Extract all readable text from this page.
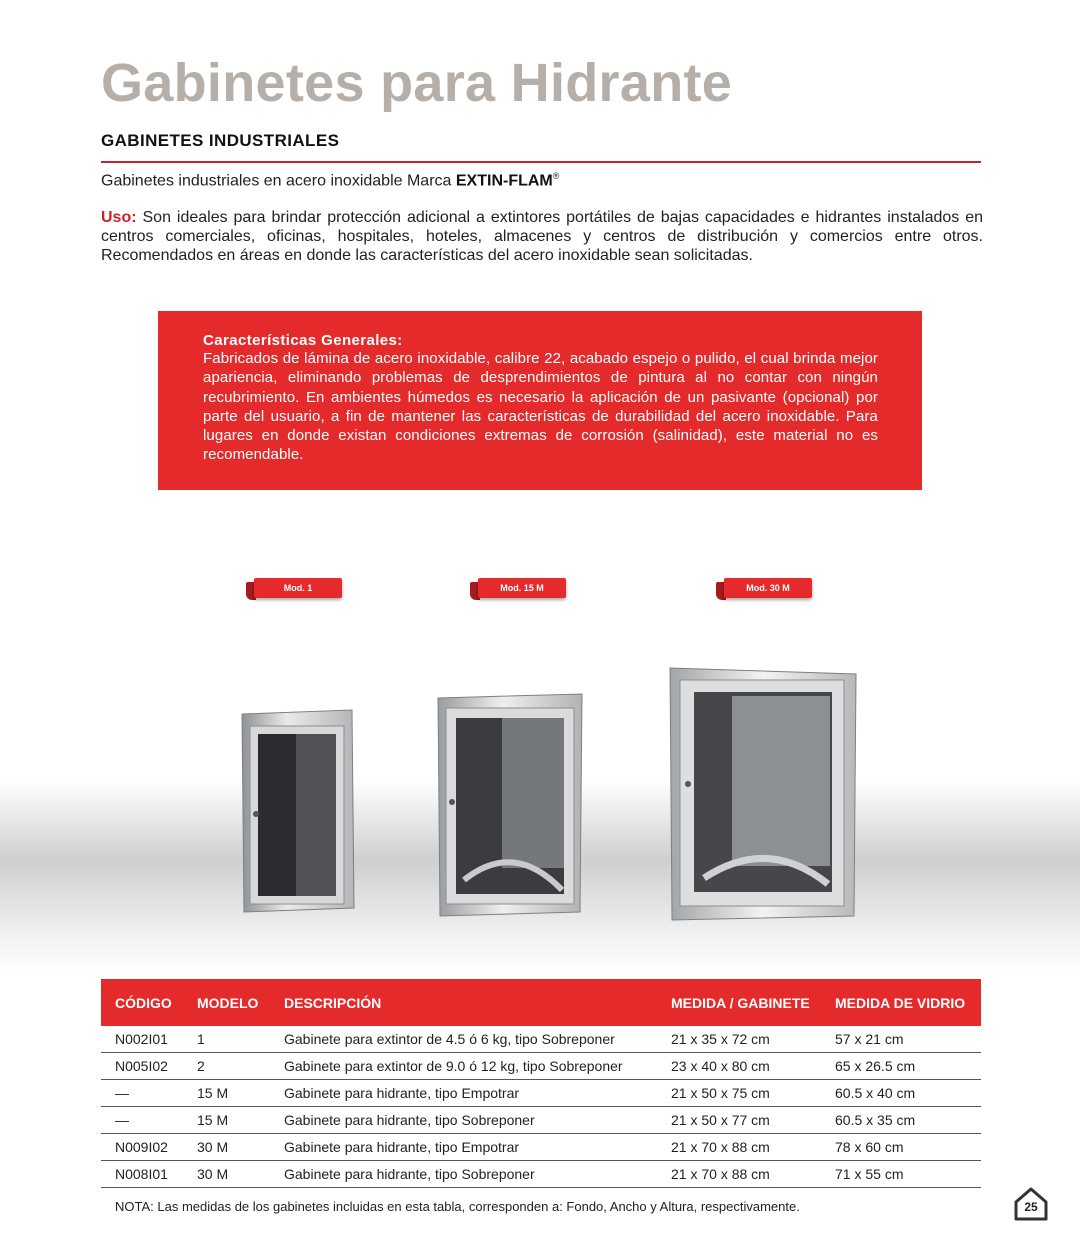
Gabinetes para Hidrante
GABINETES INDUSTRIALES
Gabinetes industriales en acero inoxidable Marca EXTIN-FLAM®
Uso: Son ideales para brindar protección adicional a extintores portátiles de bajas capacidades e hidrantes instalados en centros comerciales, oficinas, hospitales, hoteles, almacenes y centros de distribución y comercios entre otros. Recomendados en áreas en donde las características del acero inoxidable sean solicitadas.
Características Generales:
Fabricados de lámina de acero inoxidable, calibre 22, acabado espejo o pulido, el cual brinda mejor apariencia, eliminando problemas de desprendimientos de pintura al no contar con ningún recubrimiento. En ambientes húmedos es necesario la aplicación de un pasivante (opcional) por parte del usuario, a fin de mantener las características de durabilidad del acero inoxidable. Para lugares en donde existan condiciones extremas de corrosión (salinidad), este material no es recomendable.
Mod. 1	Mod. 15 M	Mod. 30 M
CÓDIGO	MODELO	DESCRIPCIÓN	MEDIDA / GABINETE	MEDIDA DE VIDRIO
N002I01	1	Gabinete para extintor de 4.5 ó 6 kg, tipo Sobreponer	21 x 35 x 72 cm	57 x 21 cm
N005I02	2	Gabinete para extintor de 9.0 ó 12 kg, tipo Sobreponer	23 x 40 x 80 cm	65 x 26.5 cm
—	15 M	Gabinete para hidrante, tipo Empotrar	21 x 50 x 75 cm	60.5 x 40 cm
—	15 M	Gabinete para hidrante, tipo Sobreponer	21 x 50 x 77 cm	60.5 x 35 cm
N009I02	30 M	Gabinete para hidrante, tipo Empotrar	21 x 70 x 88 cm	78 x 60 cm
N008I01	30 M	Gabinete para hidrante, tipo Sobreponer	21 x 70 x 88 cm	71 x 55 cm
NOTA: Las medidas de los gabinetes incluidas en esta tabla, corresponden a: Fondo, Ancho y Altura, respectivamente.	25
